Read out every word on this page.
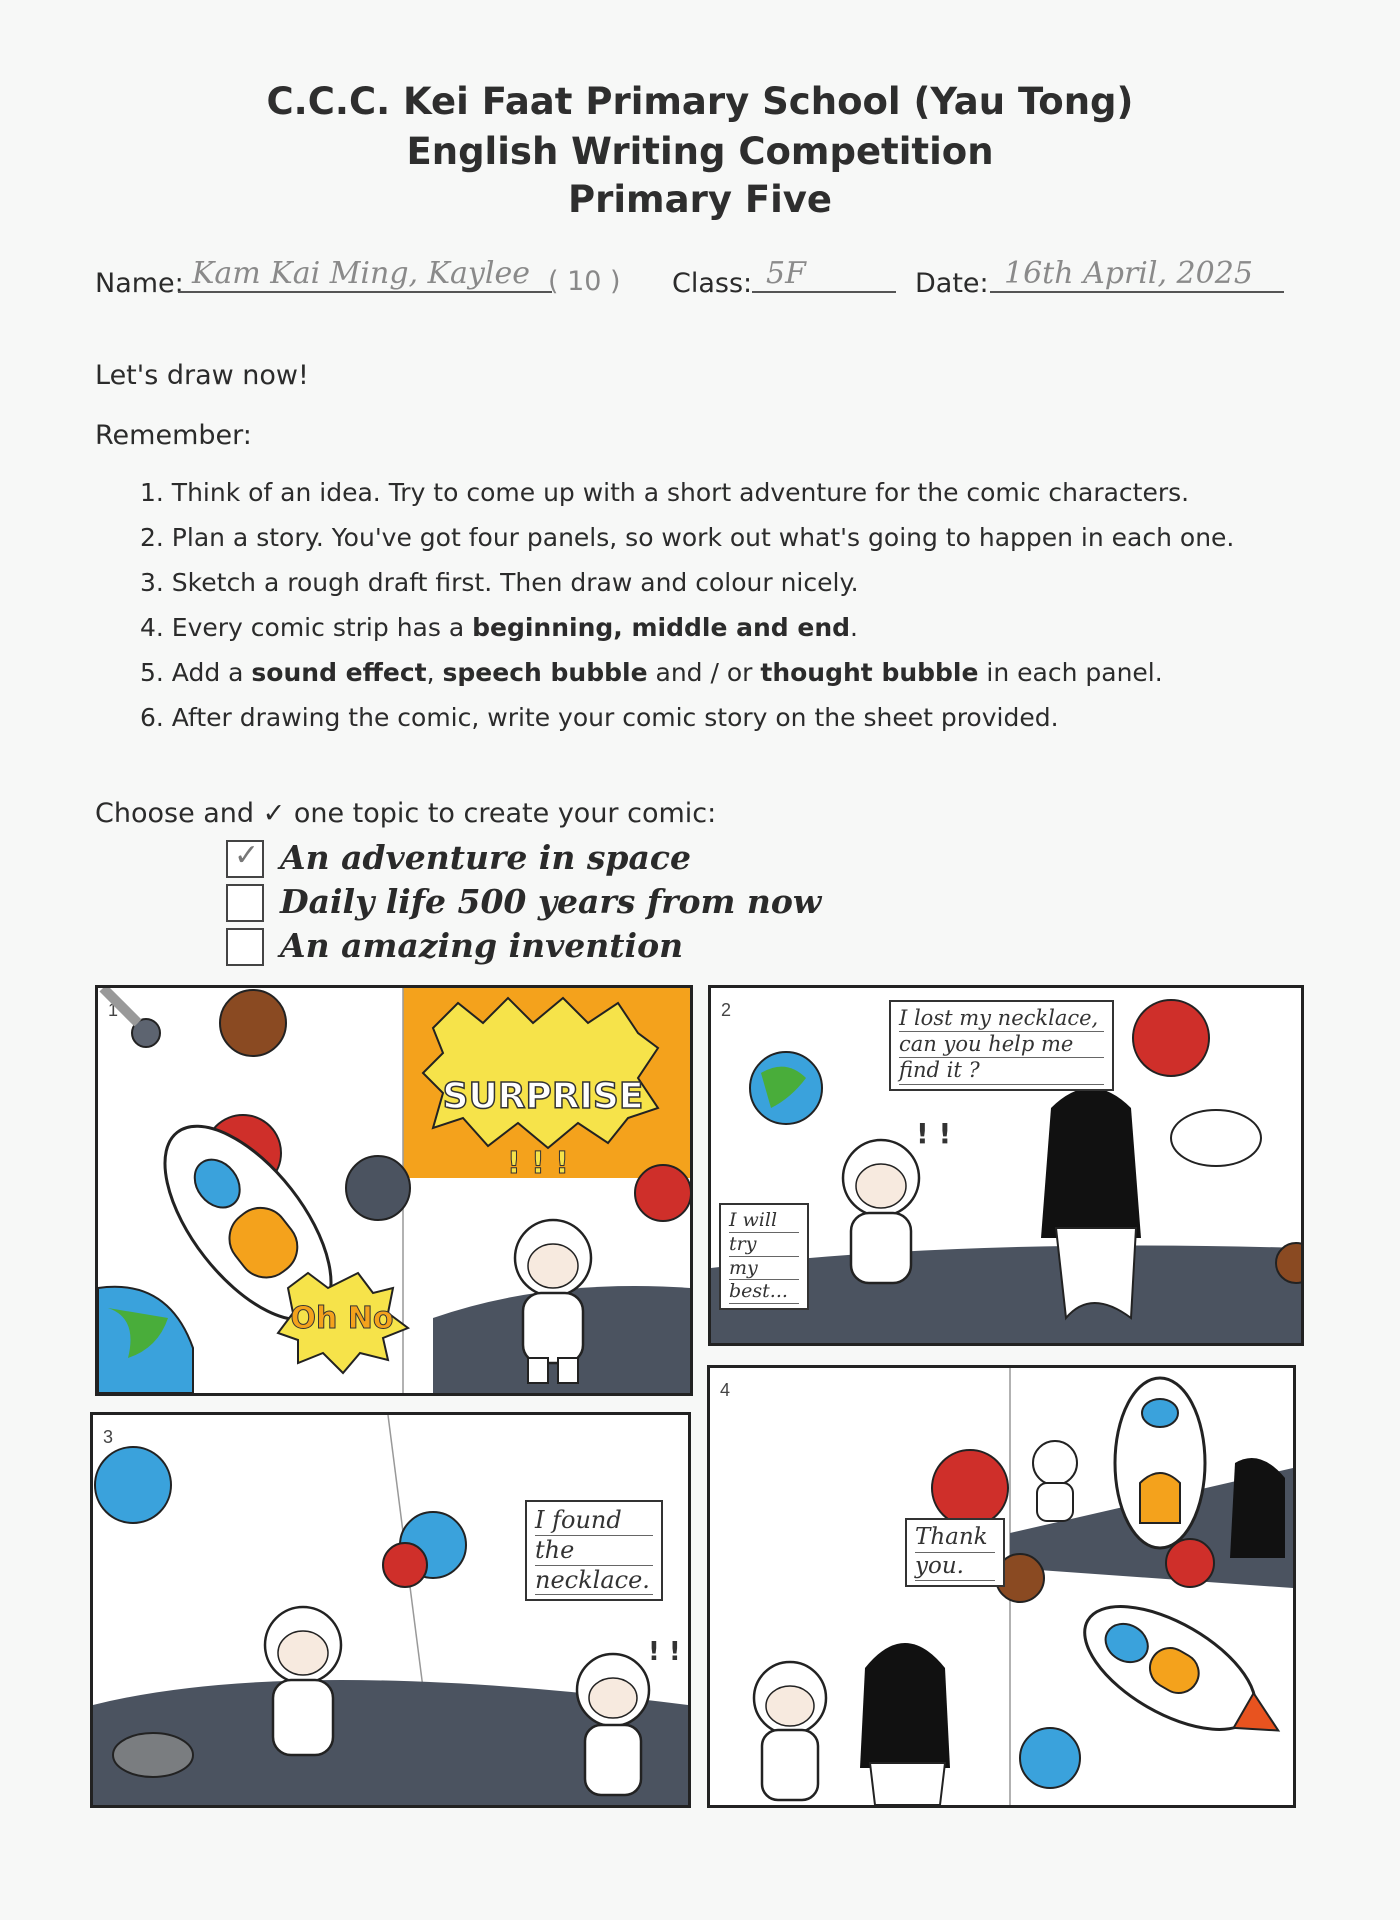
C.C.C. Kei Faat Primary School (Yau Tong)
English Writing Competition
Primary Five
Name: Kam Kai Ming, Kaylee ( 10 ) Class: 5F	Date: 16th April, 2025
Let's draw now!
Remember:
1. Think of an idea. Try to come up with a short adventure for the comic characters.
2. Plan a story. You've got four panels, so work out what's going to happen in each one.
3. Sketch a rough draft first. Then draw and colour nicely.
4. Every comic strip has a beginning, middle and end.
5. Add a sound effect, speech bubble and / or thought bubble in each panel.
6. After drawing the comic, write your comic story on the sheet provided.
Choose and ✓ one topic to create your comic:
✓ An adventure in space
Daily life 500 years from now
An amazing invention
1
SURPRISE
! ! !
Oh No
2
! !
I lost my necklace,
can you help me
find it ?
I will
try
my
best...
3
! !
I found
the
necklace.
4
Thank
you.
